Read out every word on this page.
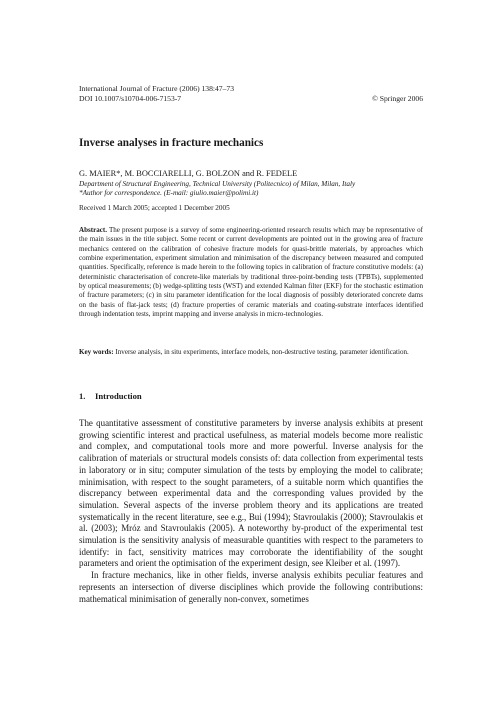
International Journal of Fracture (2006) 138:47–73
DOI 10.1007/s10704-006-7153-7	© Springer 2006
Inverse analyses in fracture mechanics
G. MAIER*, M. BOCCIARELLI, G. BOLZON and R. FEDELE
Department of Structural Engineering, Technical University (Politecnico) of Milan, Milan, Italy
*Author for correspondence. (E-mail: giulio.maier@polimi.it)
Received 1 March 2005; accepted 1 December 2005
Abstract. The present purpose is a survey of some engineering-oriented research results which may be representative of the main issues in the title subject. Some recent or current developments are pointed out in the growing area of fracture mechanics centered on the calibration of cohesive fracture models for quasi-brittle materials, by approaches which combine experimentation, experiment simulation and minimisation of the discrepancy between measured and computed quantities. Specifically, reference is made herein to the following topics in calibration of fracture constitutive models: (a) deterministic characterisation of concrete-like materials by traditional three-point-bending tests (TPBTs), supplemented by optical measurements; (b) wedge-splitting tests (WST) and extended Kalman filter (EKF) for the stochastic estimation of fracture parameters; (c) in situ parameter identification for the local diagnosis of possibly deteriorated concrete dams on the basis of flat-jack tests; (d) fracture properties of ceramic materials and coating-substrate interfaces identified through indentation tests, imprint mapping and inverse analysis in micro-technologies.
Key words: Inverse analysis, in situ experiments, interface models, non-destructive testing, parameter identification.
1. Introduction

The quantitative assessment of constitutive parameters by inverse analysis exhibits at present growing scientific interest and practical usefulness, as material models become more realistic and complex, and computational tools more and more powerful. Inverse analysis for the calibration of materials or structural models consists of: data collection from experimental tests in laboratory or in situ; computer simulation of the tests by employing the model to calibrate; minimisation, with respect to the sought parameters, of a suitable norm which quantifies the discrepancy between experimental data and the corresponding values provided by the simulation. Several aspects of the inverse problem theory and its applications are treated systematically in the recent literature, see e.g., Bui (1994); Stavroulakis (2000); Stavroulakis et al. (2003); Mróz and Stavroulakis (2005). A noteworthy by-product of the experimental test simulation is the sensitivity analysis of measurable quantities with respect to the parameters to identify: in fact, sensitivity matrices may corroborate the identifiability of the sought parameters and orient the optimisation of the experiment design, see Kleiber et al. (1997).

In fracture mechanics, like in other fields, inverse analysis exhibits peculiar features and represents an intersection of diverse disciplines which provide the following contributions: mathematical minimisation of generally non-convex, sometimes
